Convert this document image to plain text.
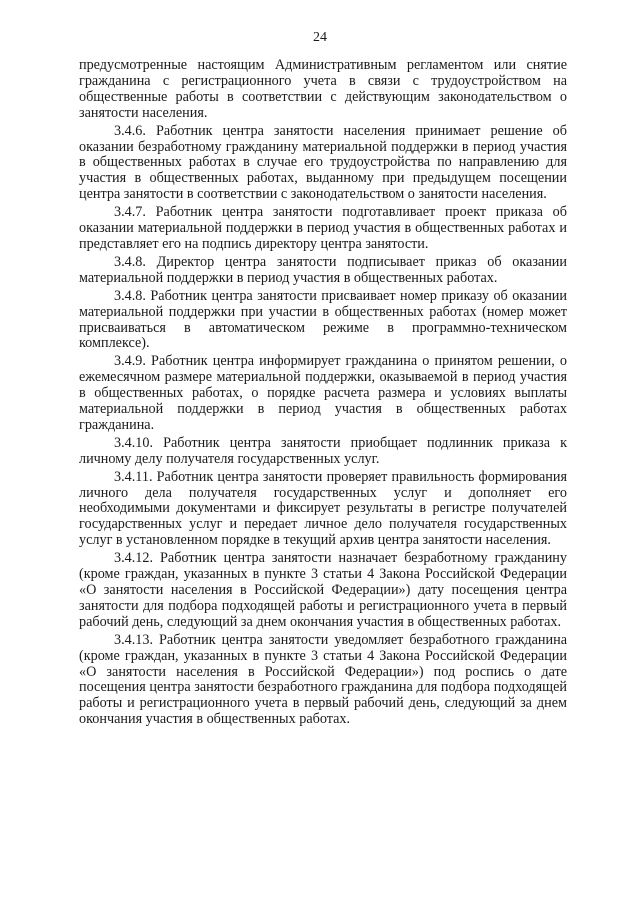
24

предусмотренные настоящим Административным регламентом или снятие гражданина с регистрационного учета в связи с трудоустройством на общественные работы в соответствии с действующим законодательством о занятости населения.

3.4.6. Работник центра занятости населения принимает решение об оказании безработному гражданину материальной поддержки в период участия в общественных работах в случае его трудоустройства по направлению для участия в общественных работах, выданному при предыдущем посещении центра занятости в соответствии с законодательством о занятости населения.

3.4.7. Работник центра занятости подготавливает проект приказа об оказании материальной поддержки в период участия в общественных работах и представляет его на подпись директору центра занятости.

3.4.8. Директор центра занятости подписывает приказ об оказании материальной поддержки в период участия в общественных работах.

3.4.8. Работник центра занятости присваивает номер приказу об оказании материальной поддержки при участии в общественных работах (номер может присваиваться в автоматическом режиме в программно-техническом комплексе).

3.4.9. Работник центра информирует гражданина о принятом решении, о ежемесячном размере материальной поддержки, оказываемой в период участия в общественных работах, о порядке расчета размера и условиях выплаты материальной поддержки в период участия в общественных работах гражданина.

3.4.10. Работник центра занятости приобщает подлинник приказа к личному делу получателя государственных услуг.

3.4.11. Работник центра занятости проверяет правильность формирования личного дела получателя государственных услуг и дополняет его необходимыми документами и фиксирует результаты в регистре получателей государственных услуг и передает личное дело получателя государственных услуг в установленном порядке в текущий архив центра занятости населения.

3.4.12. Работник центра занятости назначает безработному гражданину (кроме граждан, указанных в пункте 3 статьи 4 Закона Российской Федерации «О занятости населения в Российской Федерации») дату посещения центра занятости для подбора подходящей работы и регистрационного учета в первый рабочий день, следующий за днем окончания участия в общественных работах.

3.4.13. Работник центра занятости уведомляет безработного гражданина (кроме граждан, указанных в пункте 3 статьи 4 Закона Российской Федерации «О занятости населения в Российской Федерации») под роспись о дате посещения центра занятости безработного гражданина для подбора подходящей работы и регистрационного учета в первый рабочий день, следующий за днем окончания участия в общественных работах.
